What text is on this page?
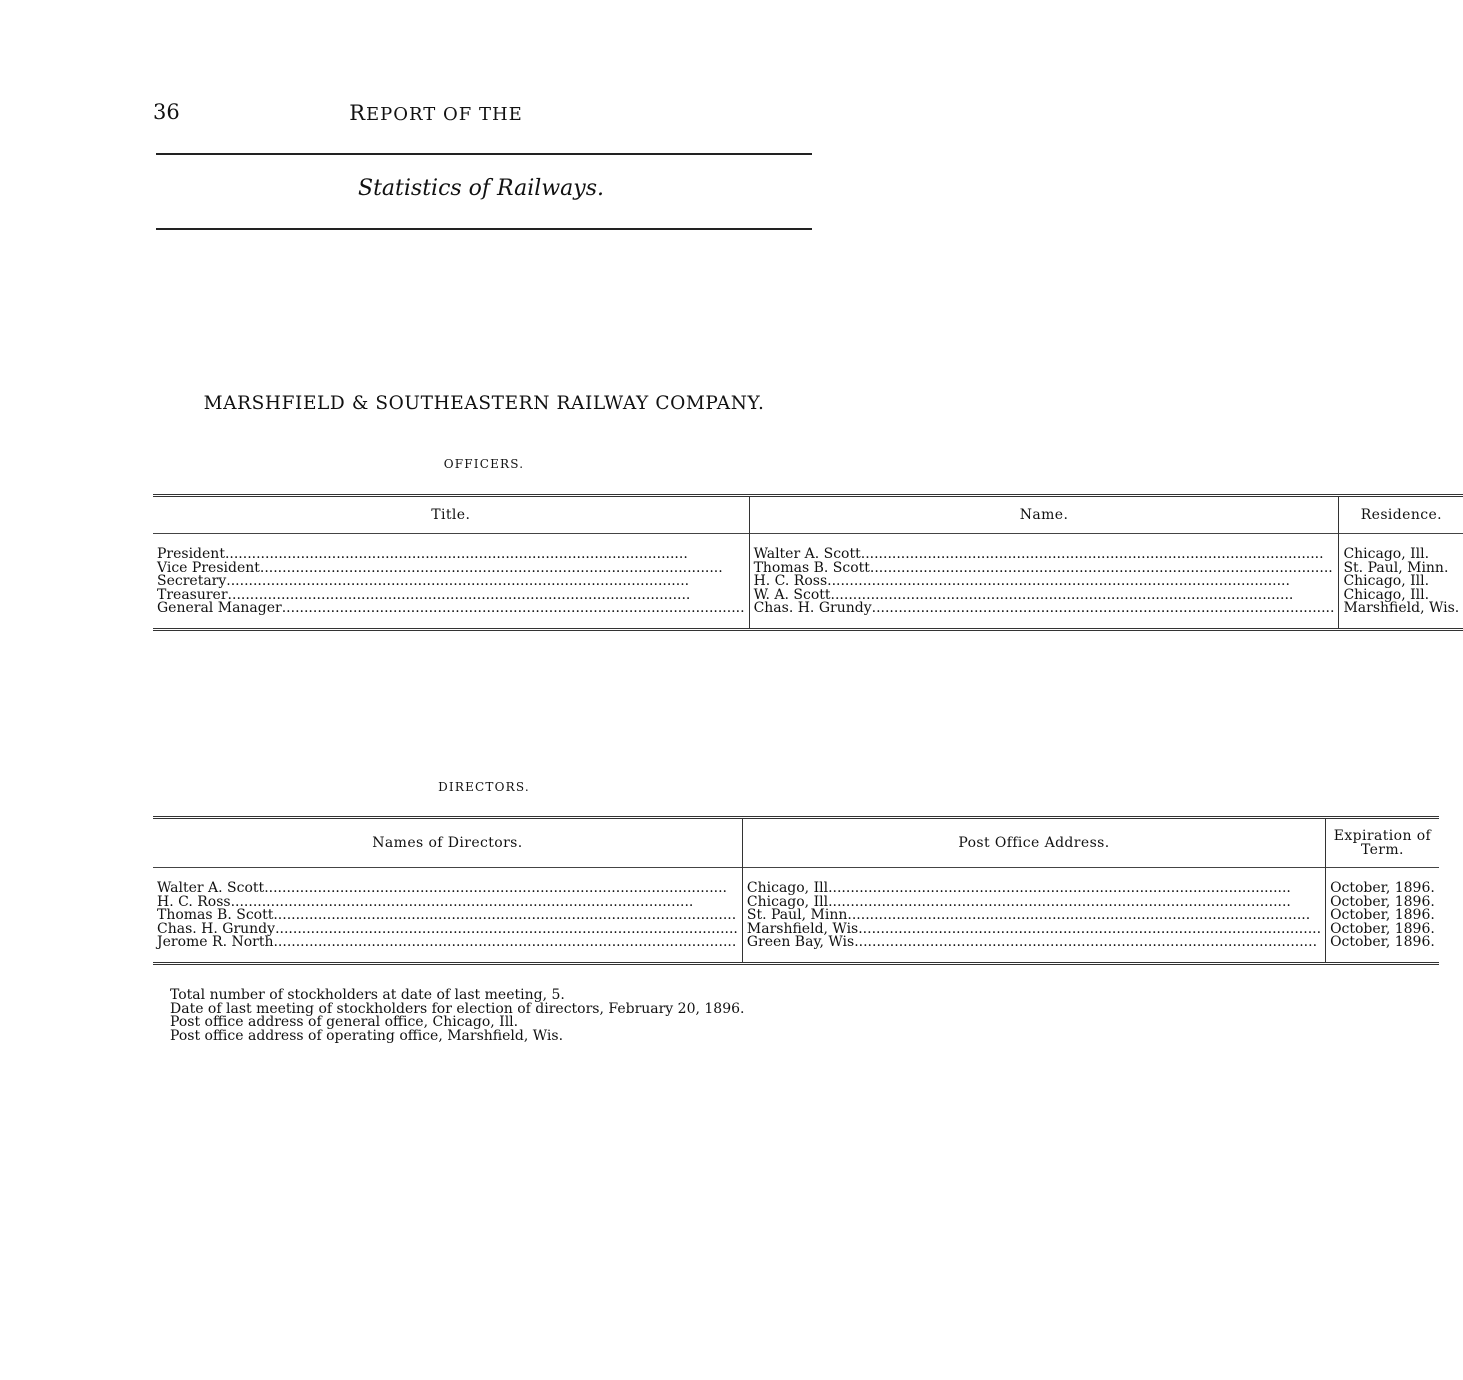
36	REPORT OF THE
Statistics of Railways.
MARSHFIELD & SOUTHEASTERN RAILWAY COMPANY.
OFFICERS.
Title.	Name.	Residence.

President
.....	Walter A. Scott
.....	Chicago, Ill.

Vice President
.....	Thomas B. Scott
.....	St. Paul, Minn.

Secretary
.....	H. C. Ross
.....	Chicago, Ill.

Treasurer
.....	W. A. Scott
.....	Chicago, Ill.

General Manager
.....	Chas. H. Grundy
.....	Marshfield, Wis.

DIRECTORS.
Names of Directors.	Post Office Address.	Expiration of Term.

Walter A. Scott
.....	Chicago, Ill
.....	October, 1896.

H. C. Ross
.....	Chicago, Ill
.....	October, 1896.

Thomas B. Scott
.....	St. Paul, Minn
.....	October, 1896.

Chas. H. Grundy
.....	Marshfield, Wis
.....	October, 1896.

Jerome R. North
.....	Green Bay, Wis
.....	October, 1896.

Total number of stockholders at date of last meeting, 5.
Date of last meeting of stockholders for election of directors, February 20, 1896.
Post office address of general office, Chicago, Ill.
Post office address of operating office, Marshfield, Wis.
